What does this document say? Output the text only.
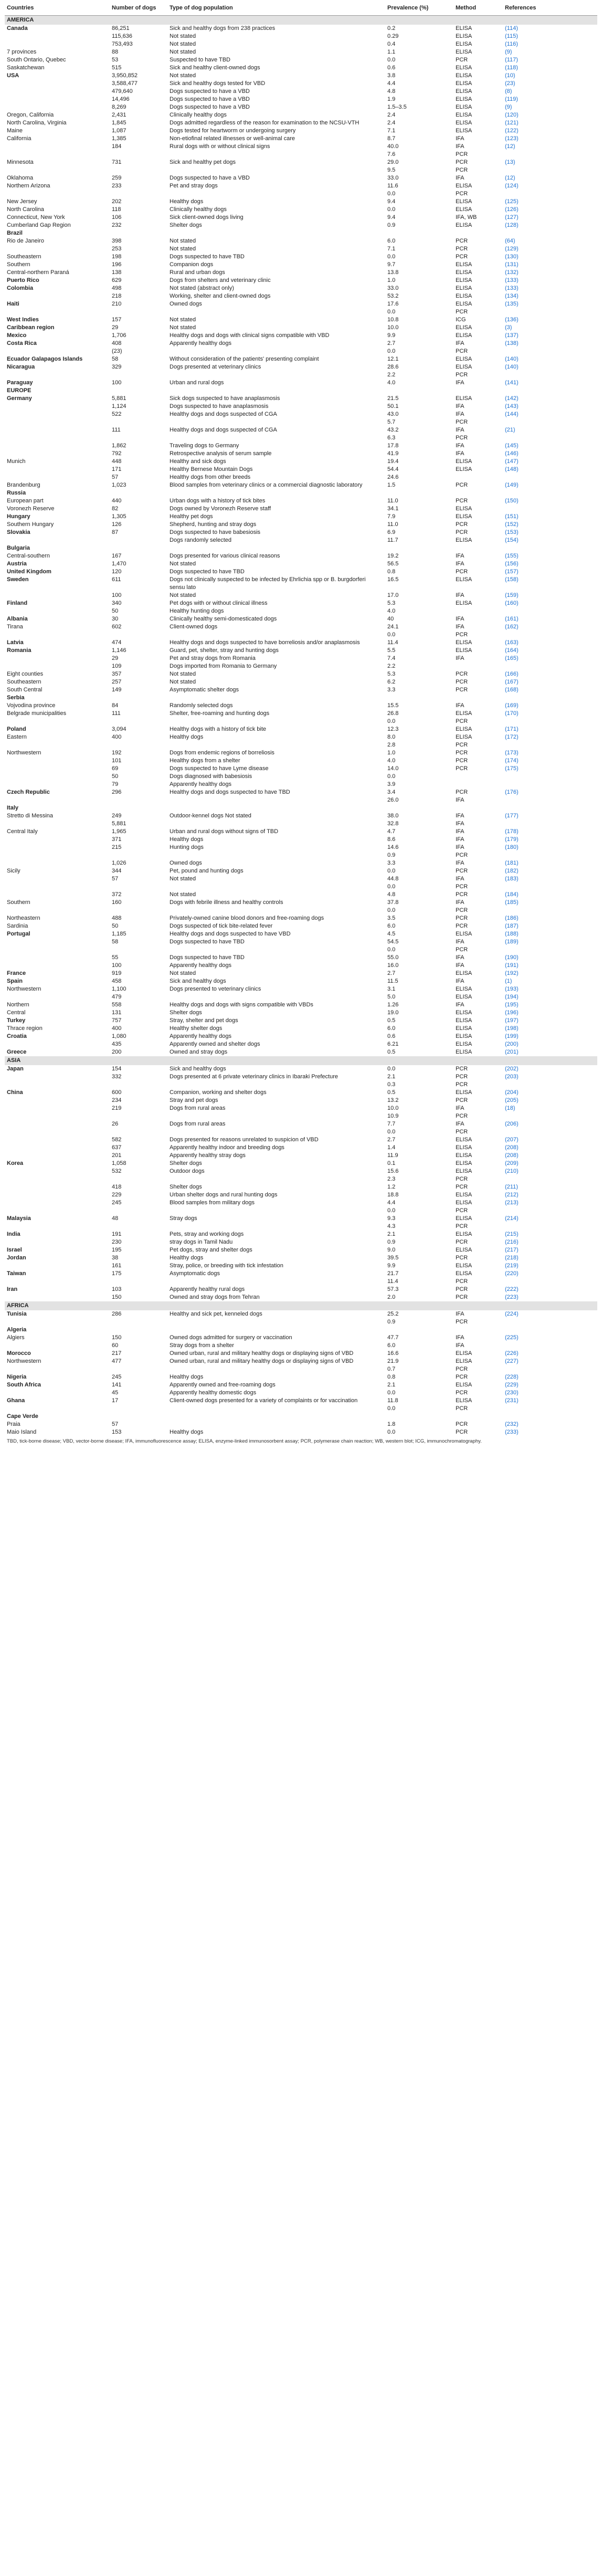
Countries	Number of dogs	Type of dog population	Prevalence (%)	Method	References
AMERICA					
Canada	86,251	Sick and healthy dogs from 238 practices	0.2	ELISA	(114)
	115,636	Not stated	0.29	ELISA	(115)
	753,493	Not stated	0.4	ELISA	(116)
7 provinces	88	Not stated	1.1	ELISA	(9)
South Ontario, Quebec	53	Suspected to have TBD	0.0	PCR	(117)
Saskatchewan	515	Sick and healthy client-owned dogs	0.6	ELISA	(118)
USA	3,950,852	Not stated	3.8	ELISA	(10)
	3,588,477	Sick and healthy dogs tested for VBD	4.4	ELISA	(23)
	479,640	Dogs suspected to have a VBD	4.8	ELISA	(8)
	14,496	Dogs suspected to have a VBD	1.9	ELISA	(119)
	8,269	Dogs suspected to have a VBD	1.5–3.5	ELISA	(9)
Oregon, California	2,431	Clinically healthy dogs	2.4	ELISA	(120)
North Carolina, Virginia	1,845	Dogs admitted regardless of the reason for examination to the NCSU-VTH	2.4	ELISA	(121)
Maine	1,087	Dogs tested for heartworm or undergoing surgery	7.1	ELISA	(122)
California	1,385	Non-etiofinal related illnesses or well-animal care	8.7	IFA	(123)
	184	Rural dogs with or without clinical signs	40.0	IFA	(12)
			7.6	PCR	
Minnesota	731	Sick and healthy pet dogs	29.0	PCR	(13)
			9.5	PCR	
Oklahoma	259	Dogs suspected to have a VBD	33.0	IFA	(12)
Northern Arizona	233	Pet and stray dogs	11.6	ELISA	(124)
			0.0	PCR	
New Jersey	202	Healthy dogs	9.4	ELISA	(125)
North Carolina	118	Clinically healthy dogs	0.0	ELISA	(126)
Connecticut, New York	106	Sick client-owned dogs living	9.4	IFA, WB	(127)
Cumberland Gap Region	232	Shelter dogs	0.9	ELISA	(128)
Brazil					
Rio de Janeiro	398	Not stated	6.0	PCR	(64)
	253	Not stated	7.1	PCR	(129)
Southeastern	198	Dogs suspected to have TBD	0.0	PCR	(130)
Southern	196	Companion dogs	9.7	ELISA	(131)
Central-northern Paraná	138	Rural and urban dogs	13.8	ELISA	(132)
Puerto Rico	629	Dogs from shelters and veterinary clinic	1.0	ELISA	(133)
Colombia	498	Not stated (abstract only)	33.0	ELISA	(133)
	218	Working, shelter and client-owned dogs	53.2	ELISA	(134)
Haiti	210	Owned dogs	17.6	ELISA	(135)
			0.0	PCR	
West Indies	157	Not stated	10.8	ICG	(136)
Caribbean region	29	Not stated	10.0	ELISA	(3)
Mexico	1,706	Healthy dogs and dogs with clinical signs compatible with VBD	9.9	ELISA	(137)
Costa Rica	408	Apparently healthy dogs	2.7	IFA	(138)
	(23)		0.0	PCR	
Ecuador Galapagos Islands	58	Without consideration of the patients' presenting complaint	12.1	ELISA	(140)
Nicaragua	329	Dogs presented at veterinary clinics	28.6	ELISA	(140)
			2.2	PCR	
Paraguay	100	Urban and rural dogs	4.0	IFA	(141)
EUROPE					
Germany	5,881	Sick dogs suspected to have anaplasmosis	21.5	ELISA	(142)
	1,124	Dogs suspected to have anaplasmosis	50.1	IFA	(143)
	522	Healthy dogs and dogs suspected of CGA	43.0	IFA	(144)
			5.7	PCR	
	111	Healthy dogs and dogs suspected of CGA	43.2	IFA	(21)
			6.3	PCR	
	1,862	Traveling dogs to Germany	17.8	IFA	(145)
	792	Retrospective analysis of serum sample	41.9	IFA	(146)
Munich	448	Healthy and sick dogs	19.4	ELISA	(147)
	171	Healthy Bernese Mountain Dogs	54.4	ELISA	(148)
	57	Healthy dogs from other breeds	24.6		
Brandenburg	1,023	Blood samples from veterinary clinics or a commercial diagnostic laboratory	1.5	PCR	(149)
Russia					
European part	440	Urban dogs with a history of tick bites	11.0	PCR	(150)
Voronezh Reserve	82	Dogs owned by Voronezh Reserve staff	34.1	ELISA	
Hungary	1,305	Healthy pet dogs	7.9	ELISA	(151)
Southern Hungary	126	Shepherd, hunting and stray dogs	11.0	PCR	(152)
Slovakia	87	Dogs suspected to have babesiosis	6.9	PCR	(153)
		Dogs randomly selected	11.7	ELISA	(154)
Bulgaria					
Central-southern	167	Dogs presented for various clinical reasons	19.2	IFA	(155)
Austria	1,470	Not stated	56.5	IFA	(156)
United Kingdom	120	Dogs suspected to have TBD	0.8	PCR	(157)
Sweden	611	Dogs not clinically suspected to be infected by Ehrlichia spp or B. burgdorferi sensu lato	16.5	ELISA	(158)
	100	Not stated	17.0	IFA	(159)
Finland	340	Pet dogs with or without clinical illness	5.3	ELISA	(160)
	50	Healthy hunting dogs	4.0		
Albania	30	Clinically healthy semi-domesticated dogs	40	IFA	(161)
Tirana	602	Client-owned dogs	24.1	IFA	(162)
			0.0	PCR	
Latvia	474	Healthy dogs and dogs suspected to have borreliosis and/or anaplasmosis	11.4	ELISA	(163)
Romania	1,146	Guard, pet, shelter, stray and hunting dogs	5.5	ELISA	(164)
	29	Pet and stray dogs from Romania	7.4	IFA	(165)
	109	Dogs imported from Romania to Germany	2.2		
Eight counties	357	Not stated	5.3	PCR	(166)
Southeastern	257	Not stated	6.2	PCR	(167)
South Central	149	Asymptomatic shelter dogs	3.3	PCR	(168)
Serbia					
Vojvodina province	84	Randomly selected dogs	15.5	IFA	(169)
Belgrade municipalities	111	Shelter, free-roaming and hunting dogs	26.8	ELISA	(170)
			0.0	PCR	
Poland	3,094	Healthy dogs with a history of tick bite	12.3	ELISA	(171)
Eastern	400	Healthy dogs	8.0	ELISA	(172)
			2.8	PCR	
Northwestern	192	Dogs from endemic regions of borreliosis	1.0	PCR	(173)
	101	Healthy dogs from a shelter	4.0	PCR	(174)
	69	Dogs suspected to have Lyme disease	14.0	PCR	(175)
	50	Dogs diagnosed with babesiosis	0.0		
	79	Apparently healthy dogs	3.9		
Czech Republic	296	Healthy dogs and dogs suspected to have TBD	3.4	PCR	(176)
			26.0	IFA	
Italy					
Stretto di Messina	249	Outdoor-kennel dogs Not stated	38.0	IFA	(177)
	5,881		32.8	IFA	
Central Italy	1,965	Urban and rural dogs without signs of TBD	4.7	IFA	(178)
	371	Healthy dogs	8.6	IFA	(179)
	215	Hunting dogs	14.6	IFA	(180)
			0.9	PCR	
	1,026	Owned dogs	3.3	IFA	(181)
Sicily	344	Pet, pound and hunting dogs	0.0	PCR	(182)
	57	Not stated	44.8	IFA	(183)
			0.0	PCR	
	372	Not stated	4.8	PCR	(184)
Southern	160	Dogs with febrile illness and healthy controls	37.8	IFA	(185)
			0.0	PCR	
Northeastern	488	Privately-owned canine blood donors and free-roaming dogs	3.5	PCR	(186)
Sardinia	50	Dogs suspected of tick bite-related fever	6.0	PCR	(187)
Portugal	1,185	Healthy dogs and dogs suspected to have VBD	4.5	ELISA	(188)
	58	Dogs suspected to have TBD	54.5	IFA	(189)
			0.0	PCR	
	55	Dogs suspected to have TBD	55.0	IFA	(190)
	100	Apparently healthy dogs	16.0	IFA	(191)
France	919	Not stated	2.7	ELISA	(192)
Spain	458	Sick and healthy dogs	11.5	IFA	(1)
Northwestern	1,100	Dogs presented to veterinary clinics	3.1	ELISA	(193)
	479		5.0	ELISA	(194)
Northern	558	Healthy dogs and dogs with signs compatible with VBDs	1.26	IFA	(195)
Central	131	Shelter dogs	19.0	ELISA	(196)
Turkey	757	Stray, shelter and pet dogs	0.5	ELISA	(197)
Thrace region	400	Healthy shelter dogs	6.0	ELISA	(198)
Croatia	1,080	Apparently healthy dogs	0.6	ELISA	(199)
	435	Apparently owned and shelter dogs	6.21	ELISA	(200)
Greece	200	Owned and stray dogs	0.5	ELISA	(201)
ASIA					
Japan	154	Sick and healthy dogs	0.0	PCR	(202)
	332	Dogs presented at 6 private veterinary clinics in Ibaraki Prefecture	2.1	PCR	(203)
			0.3	PCR	
China	600	Companion, working and shelter dogs	0.5	ELISA	(204)
	234	Stray and pet dogs	13.2	PCR	(205)
	219	Dogs from rural areas	10.0	IFA	(18)
			10.9	PCR	
	26	Dogs from rural areas	7.7	IFA	(206)
			0.0	PCR	
	582	Dogs presented for reasons unrelated to suspicion of VBD	2.7	ELISA	(207)
	637	Apparently healthy indoor and breeding dogs	1.4	ELISA	(208)
	201	Apparently healthy stray dogs	11.9	ELISA	(208)
Korea	1,058	Shelter dogs	0.1	ELISA	(209)
	532	Outdoor dogs	15.6	ELISA	(210)
			2.3	PCR	
	418	Shelter dogs	1.2	PCR	(211)
	229	Urban shelter dogs and rural hunting dogs	18.8	ELISA	(212)
	245	Blood samples from military dogs	4.4	ELISA	(213)
			0.0	PCR	
Malaysia	48	Stray dogs	9.3	ELISA	(214)
			4.3	PCR	
India	191	Pets, stray and working dogs	2.1	ELISA	(215)
	230	stray dogs in Tamil Nadu	0.9	PCR	(216)
Israel	195	Pet dogs, stray and shelter dogs	9.0	ELISA	(217)
Jordan	38	Healthy dogs	39.5	PCR	(218)
	161	Stray, police, or breeding with tick infestation	9.9	ELISA	(219)
Taiwan	175	Asymptomatic dogs	21.7	ELISA	(220)
			11.4	PCR	
Iran	103	Apparently healthy rural dogs	57.3	PCR	(222)
	150	Owned and stray dogs from Tehran	2.0	PCR	(223)
AFRICA					
Tunisia	286	Healthy and sick pet, kenneled dogs	25.2	IFA	(224)
			0.9	PCR	
Algeria					
Algiers	150	Owned dogs admitted for surgery or vaccination	47.7	IFA	(225)
	60	Stray dogs from a shelter	6.0	IFA	
Morocco	217	Owned urban, rural and military healthy dogs or displaying signs of VBD	16.6	ELISA	(226)
Northwestern	477	Owned urban, rural and military healthy dogs or displaying signs of VBD	21.9	ELISA	(227)
			0.7	PCR	
Nigeria	245	Healthy dogs	0.8	PCR	(228)
South Africa	141	Apparently owned and free-roaming dogs	2.1	ELISA	(229)
	45	Apparently healthy domestic dogs	0.0	PCR	(230)
Ghana	17	Client-owned dogs presented for a variety of complaints or for vaccination	11.8	ELISA	(231)
			0.0	PCR	
Cape Verde					
Praia	57		1.8	PCR	(232)
Maio Island	153	Healthy dogs	0.0	PCR	(233)
TBD, tick-borne disease; VBD, vector-borne disease; IFA, immunofluorescence assay; ELISA, enzyme-linked immunosorbent assay; PCR, polymerase chain reaction; WB, western blot; ICG, immunochromatography.
